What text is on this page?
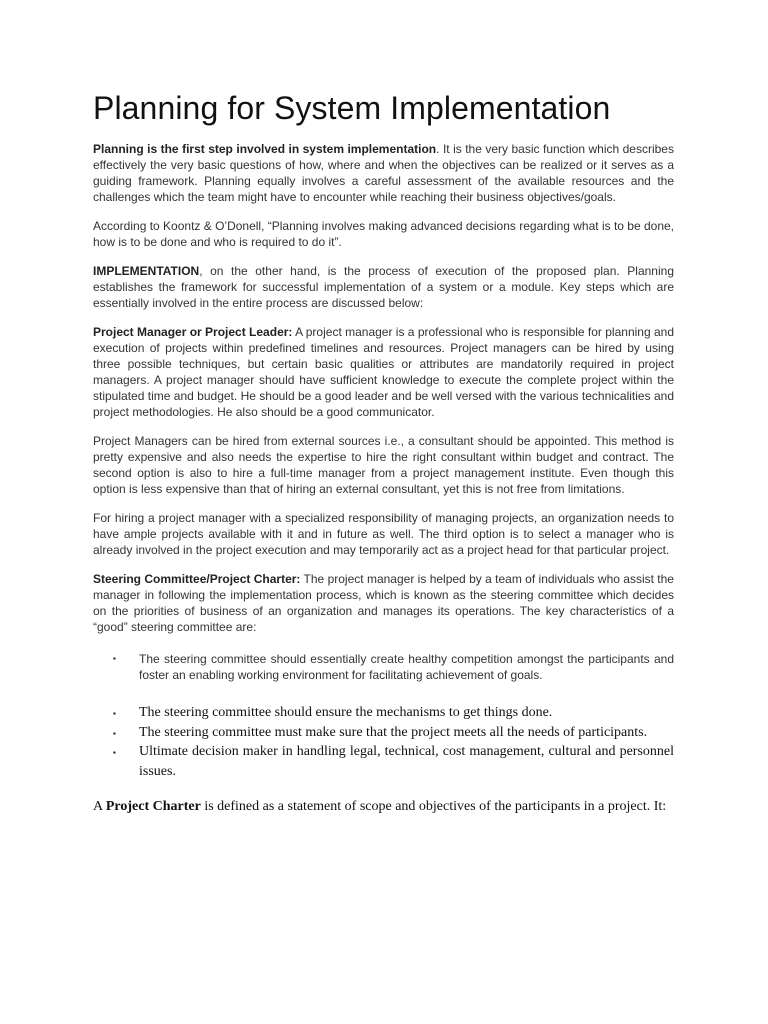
Planning for System Implementation

Planning is the first step involved in system implementation. It is the very basic function which describes effectively the very basic questions of how, where and when the objectives can be realized or it serves as a guiding framework. Planning equally involves a careful assessment of the available resources and the challenges which the team might have to encounter while reaching their business objectives/goals.

According to Koontz & O’Donell, “Planning involves making advanced decisions regarding what is to be done, how is to be done and who is required to do it”.

IMPLEMENTATION, on the other hand, is the process of execution of the proposed plan. Planning establishes the framework for successful implementation of a system or a module. Key steps which are essentially involved in the entire process are discussed below:

Project Manager or Project Leader: A project manager is a professional who is responsible for planning and execution of projects within predefined timelines and resources. Project managers can be hired by using three possible techniques, but certain basic qualities or attributes are mandatorily required in project managers. A project manager should have sufficient knowledge to execute the complete project within the stipulated time and budget. He should be a good leader and be well versed with the various technicalities and project methodologies. He also should be a good communicator.

Project Managers can be hired from external sources i.e., a consultant should be appointed. This method is pretty expensive and also needs the expertise to hire the right consultant within budget and contract. The second option is also to hire a full-time manager from a project management institute. Even though this option is less expensive than that of hiring an external consultant, yet this is not free from limitations.

For hiring a project manager with a specialized responsibility of managing projects, an organization needs to have ample projects available with it and in future as well. The third option is to select a manager who is already involved in the project execution and may temporarily act as a project head for that particular project.

Steering Committee/Project Charter: The project manager is helped by a team of individuals who assist the manager in following the implementation process, which is known as the steering committee which decides on the priorities of business of an organization and manages its operations. The key characteristics of a “good” steering committee are:

▪ The steering committee should essentially create healthy competition amongst the participants and foster an enabling working environment for facilitating achievement of goals.
▪ The steering committee should ensure the mechanisms to get things done.
▪ The steering committee must make sure that the project meets all the needs of participants.
▪ Ultimate decision maker in handling legal, technical, cost management, cultural and personnel issues.

A Project Charter is defined as a statement of scope and objectives of the participants in a project. It:
